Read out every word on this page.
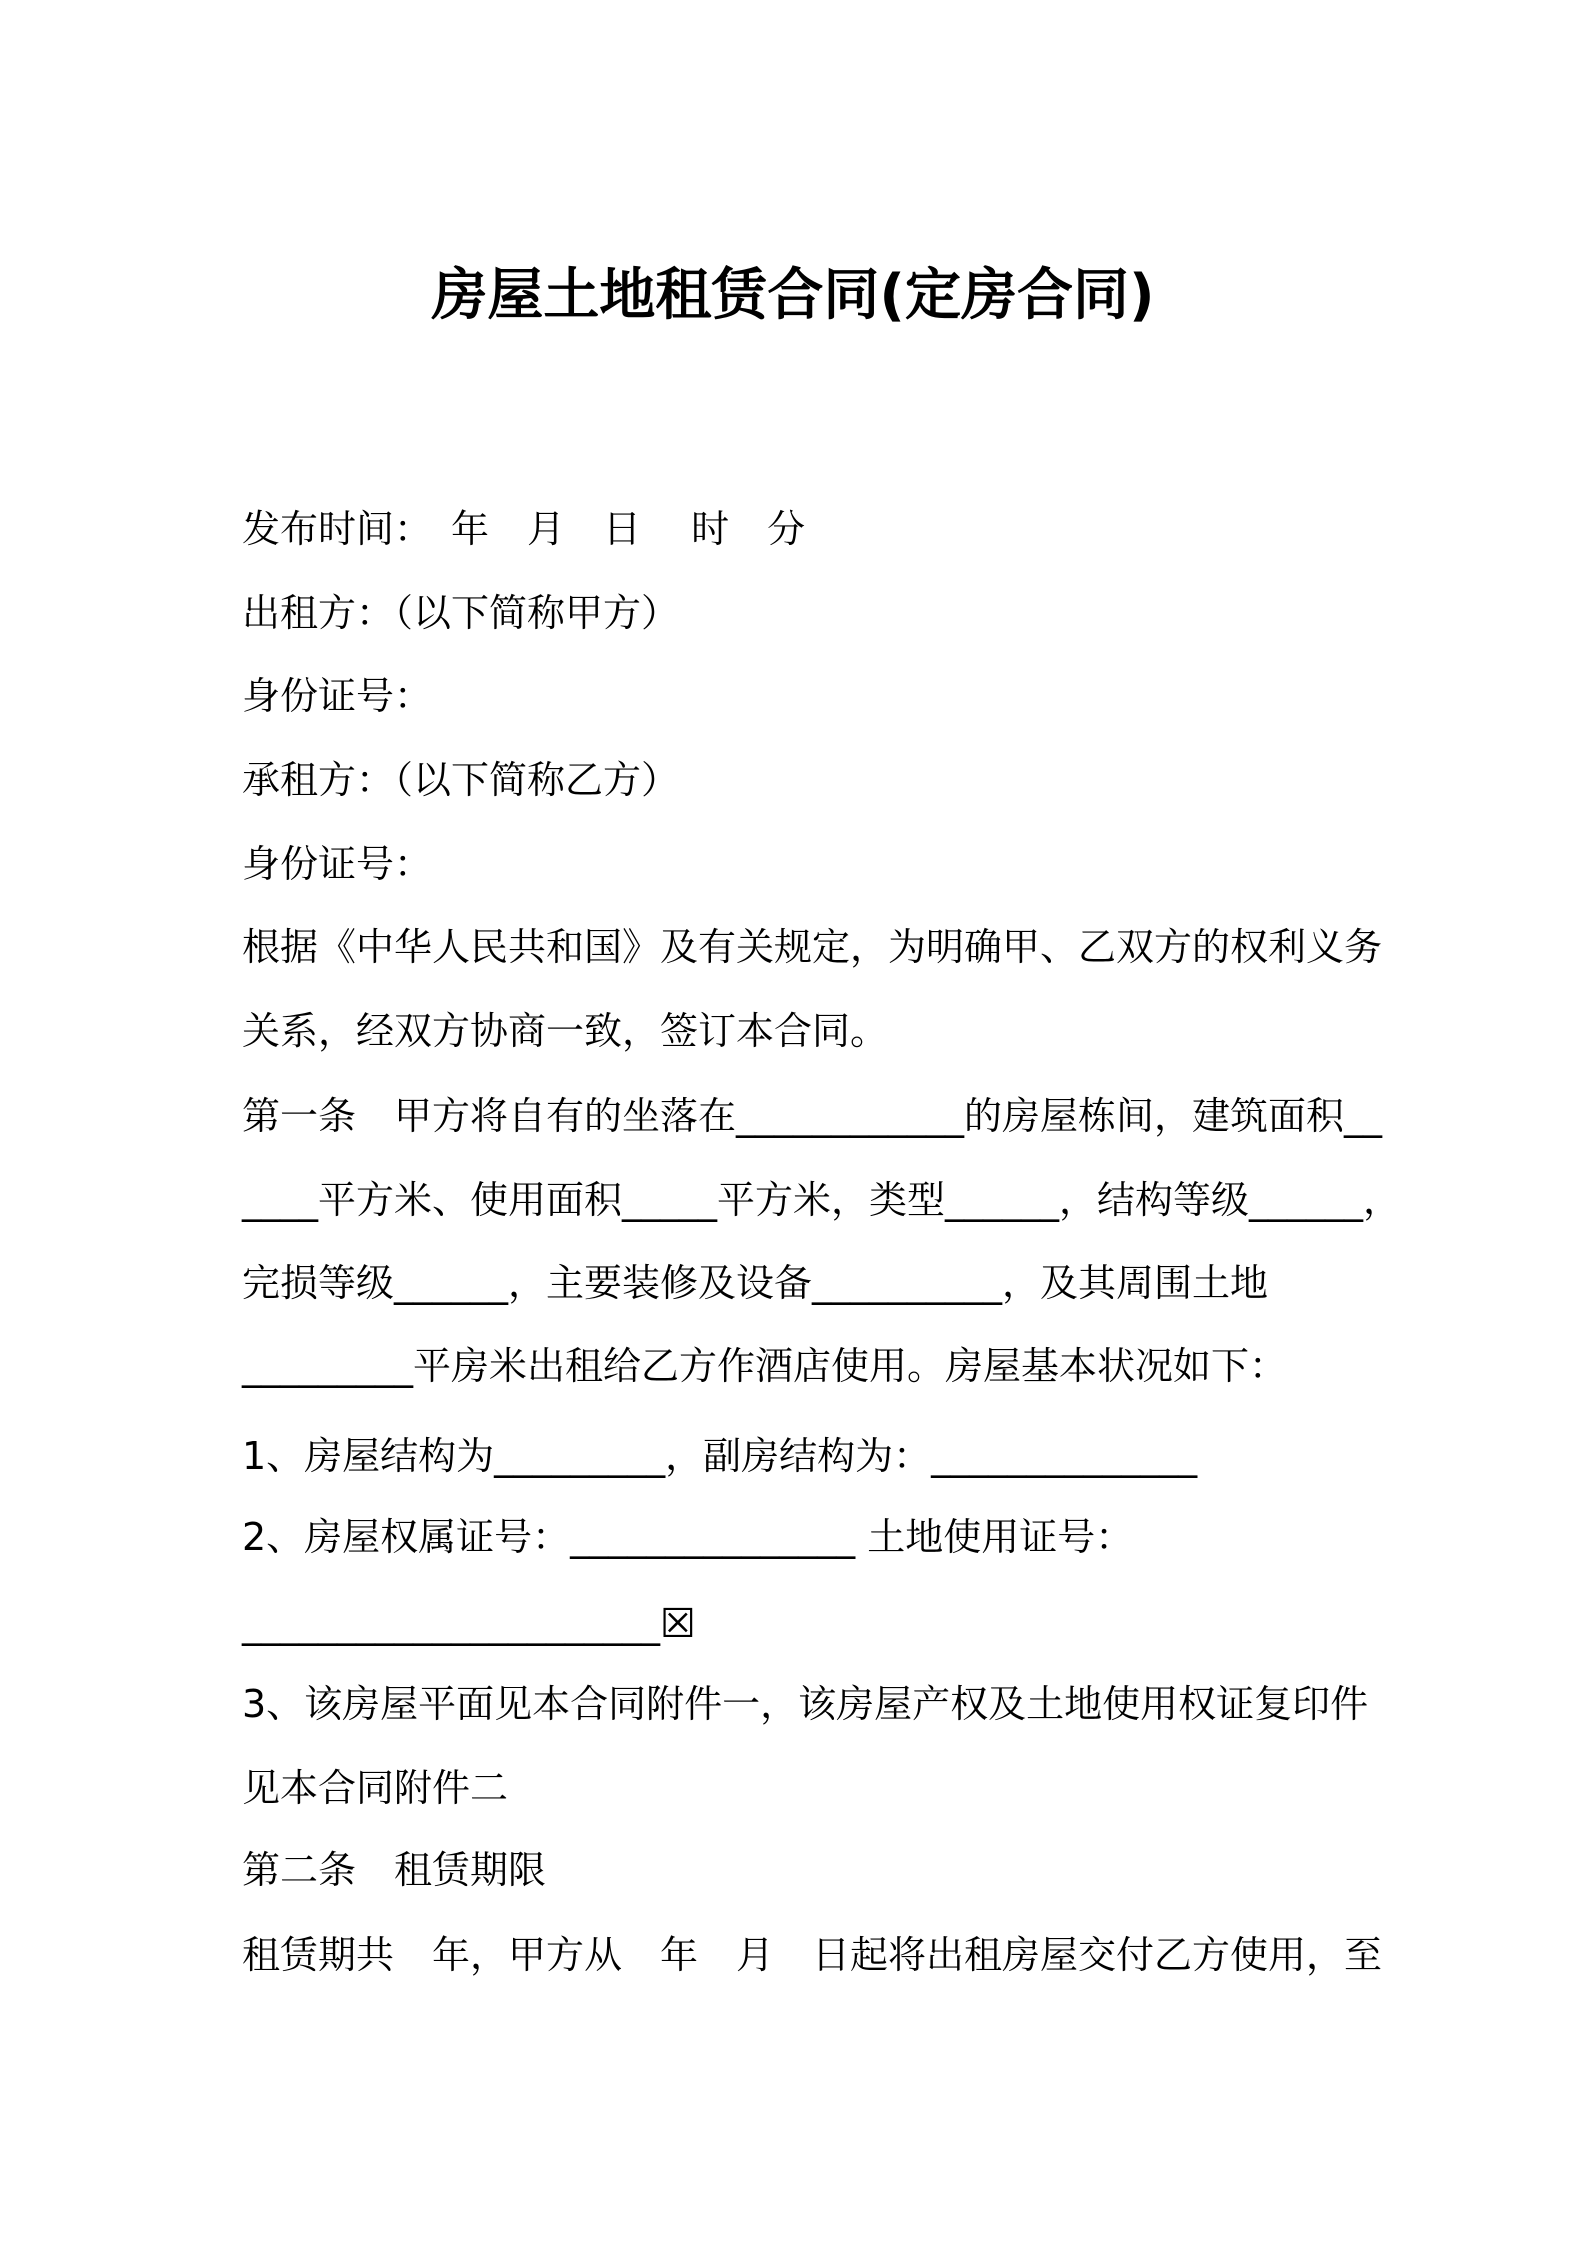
房屋土地租赁合同(定房合同)
发布时间：　年　月　日　 时　分
出租方：（以下简称甲方）
身份证号：
承租方：（以下简称乙方）
身份证号：
根据《中华人民共和国》及有关规定，为明确甲、乙双方的权利义务
关系，经双方协商一致，签订本合同。
第一条　甲方将自有的坐落在____________的房屋栋间，建筑面积__
____平方米、使用面积_____平方米，类型______，结构等级______，
完损等级______，主要装修及设备__________，及其周围土地
_________平房米出租给乙方作酒店使用。房屋基本状况如下：
1、房屋结构为_________，副房结构为：______________
2、房屋权属证号：_______________ 土地使用证号：
______________________☒
3、该房屋平面见本合同附件一，该房屋产权及土地使用权证复印件
见本合同附件二
第二条　租赁期限
租赁期共　年，甲方从　年　月　日起将出租房屋交付乙方使用，至
